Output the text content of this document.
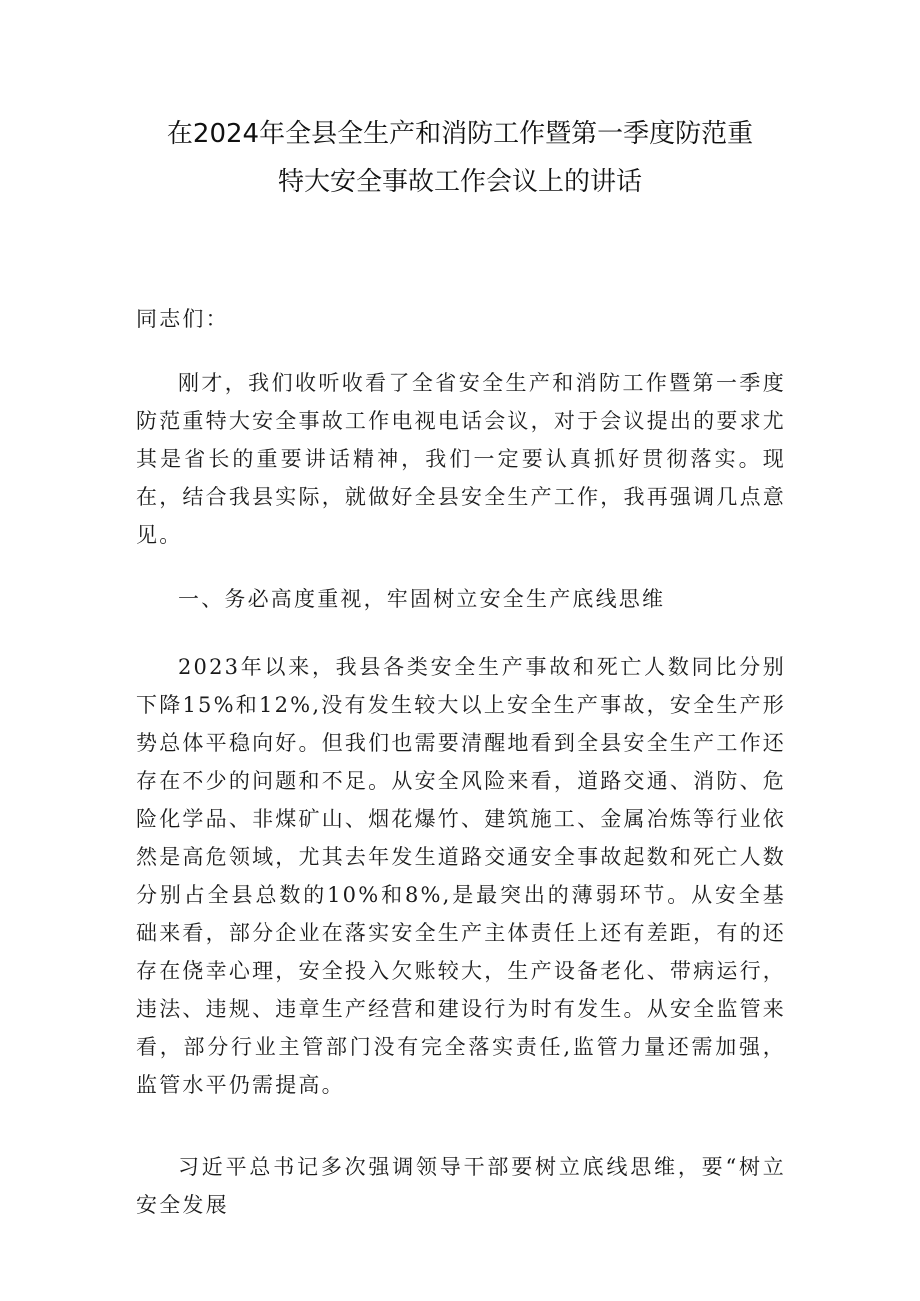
在2024年全县全生产和消防工作暨第一季度防范重
特大安全事故工作会议上的讲话

同志们：

刚才，我们收听收看了全省安全生产和消防工作暨第一季度防范重特大安全事故工作电视电话会议，对于会议提出的要求尤其是省长的重要讲话精神，我们一定要认真抓好贯彻落实。现在，结合我县实际，就做好全县安全生产工作，我再强调几点意见。

一、务必高度重视，牢固树立安全生产底线思维

2023年以来，我县各类安全生产事故和死亡人数同比分别下降15%和12%,没有发生较大以上安全生产事故，安全生产形势总体平稳向好。但我们也需要清醒地看到全县安全生产工作还存在不少的问题和不足。从安全风险来看，道路交通、消防、危险化学品、非煤矿山、烟花爆竹、建筑施工、金属冶炼等行业依然是高危领域，尤其去年发生道路交通安全事故起数和死亡人数分别占全县总数的10%和8%,是最突出的薄弱环节。从安全基础来看，部分企业在落实安全生产主体责任上还有差距，有的还存在侥幸心理，安全投入欠账较大，生产设备老化、带病运行，违法、违规、违章生产经营和建设行为时有发生。从安全监管来看，部分行业主管部门没有完全落实责任,监管力量还需加强，监管水平仍需提高。

习近平总书记多次强调领导干部要树立底线思维，要“树立安全发展
